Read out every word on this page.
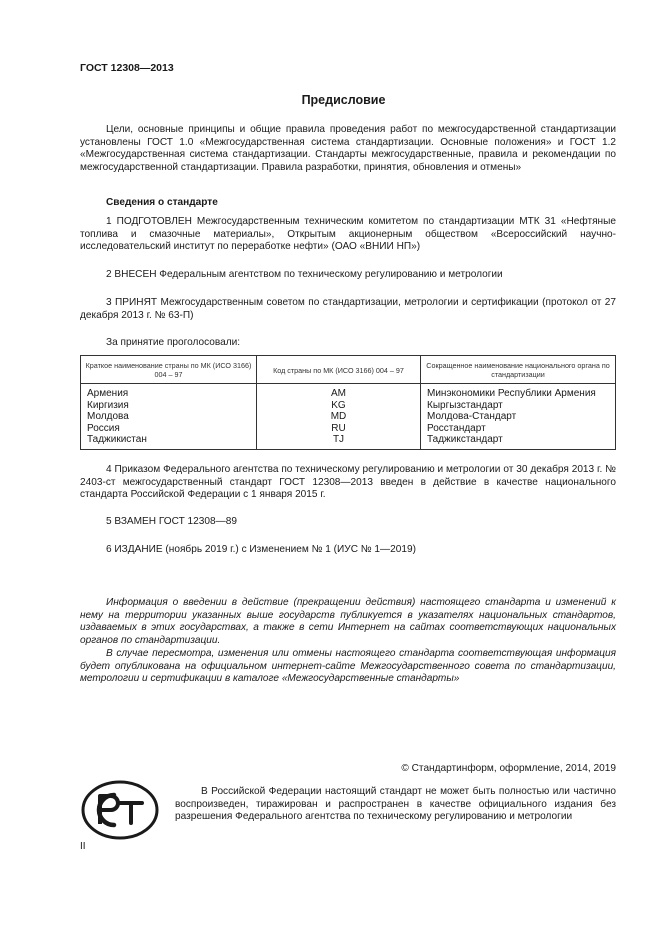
ГОСТ 12308—2013
Предисловие
Цели, основные принципы и общие правила проведения работ по межгосударственной стандартизации установлены ГОСТ 1.0 «Межгосударственная система стандартизации. Основные положения» и ГОСТ 1.2 «Межгосударственная система стандартизации. Стандарты межгосударственные, правила и рекомендации по межгосударственной стандартизации. Правила разработки, принятия, обновления и отмены»
Сведения о стандарте
1 ПОДГОТОВЛЕН Межгосударственным техническим комитетом по стандартизации МТК 31 «Нефтяные топлива и смазочные материалы», Открытым акционерным обществом «Всероссийский научно-исследовательский институт по переработке нефти» (ОАО «ВНИИ НП»)
2 ВНЕСЕН Федеральным агентством по техническому регулированию и метрологии
3 ПРИНЯТ Межгосударственным советом по стандартизации, метрологии и сертификации (протокол от 27 декабря 2013 г. № 63-П)
За принятие проголосовали:
Краткое наименование страны по МК (ИСО 3166) 004 – 97	Код страны по МК (ИСО 3166) 004 – 97	Сокращенное наименование национального органа по стандартизации
Армения	AM	Минэкономики Республики Армения
Киргизия	KG	Кыргызстандарт
Молдова	MD	Молдова-Стандарт
Россия	RU	Росстандарт
Таджикистан	TJ	Таджикстандарт
4 Приказом Федерального агентства по техническому регулированию и метрологии от 30 декабря 2013 г. № 2403-ст межгосударственный стандарт ГОСТ 12308—2013 введен в действие в качестве национального стандарта Российской Федерации с 1 января 2015 г.
5 ВЗАМЕН ГОСТ 12308—89
6 ИЗДАНИЕ (ноябрь 2019 г.) с Изменением № 1 (ИУС № 1—2019)
Информация о введении в действие (прекращении действия) настоящего стандарта и изменений к нему на территории указанных выше государств публикуется в указателях национальных стандартов, издаваемых в этих государствах, а также в сети Интернет на сайтах соответствующих национальных органов по стандартизации.
В случае пересмотра, изменения или отмены настоящего стандарта соответствующая информация будет опубликована на официальном интернет-сайте Межгосударственного совета по стандартизации, метрологии и сертификации в каталоге «Межгосударственные стандарты»
© Стандартинформ, оформление, 2014, 2019
В Российской Федерации настоящий стандарт не может быть полностью или частично воспроизведен, тиражирован и распространен в качестве официального издания без разрешения Федерального агентства по техническому регулированию и метрологии
II
